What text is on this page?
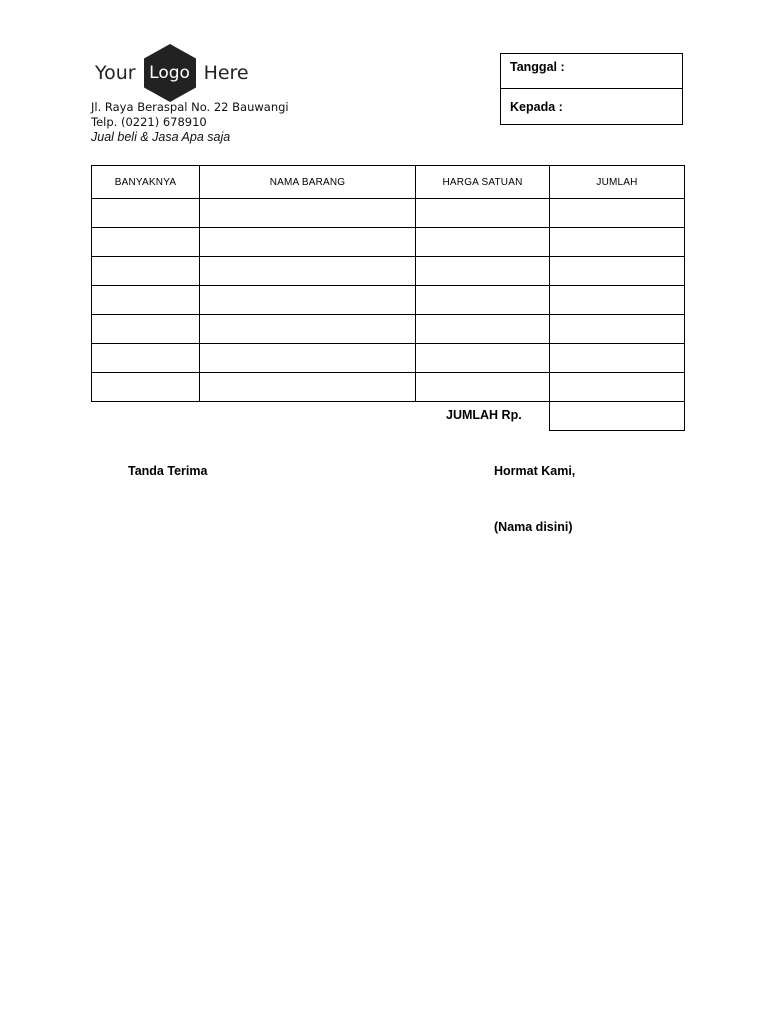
Your Logo Here
Jl. Raya Beraspal No. 22 Bauwangi
Telp. (0221) 678910
Jual beli & Jasa Apa saja
Tanggal :
Kepada :
BANYAKNYA	NAMA BARANG	HARGA SATUAN	JUMLAH

JUMLAH Rp.
Tanda Terima	Hormat Kami,
(Nama disini)
